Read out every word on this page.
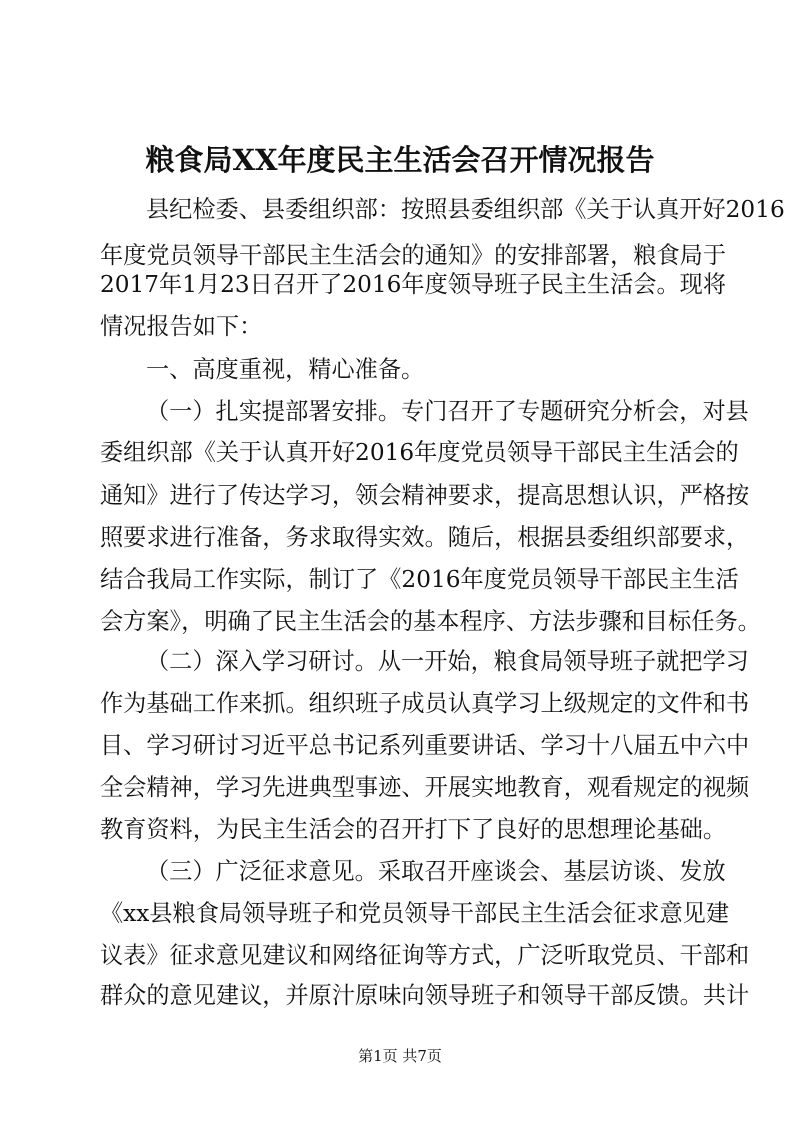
粮食局XX年度民主生活会召开情况报告

县纪检委、县委组织部：按照县委组织部《关于认真开好2016

年度党员领导干部民主生活会的通知》的安排部署，粮食局于

2017年1月23日召开了2016年度领导班子民主生活会。现将

情况报告如下：

一、高度重视，精心准备。

（一）扎实提部署安排。专门召开了专题研究分析会，对县

委组织部《关于认真开好2016年度党员领导干部民主生活会的

通知》进行了传达学习，领会精神要求，提高思想认识，严格按

照要求进行准备，务求取得实效。随后，根据县委组织部要求，

结合我局工作实际，制订了《2016年度党员领导干部民主生活

会方案》，明确了民主生活会的基本程序、方法步骤和目标任务。

（二）深入学习研讨。从一开始，粮食局领导班子就把学习

作为基础工作来抓。组织班子成员认真学习上级规定的文件和书

目、学习研讨习近平总书记系列重要讲话、学习十八届五中六中

全会精神，学习先进典型事迹、开展实地教育，观看规定的视频

教育资料，为民主生活会的召开打下了良好的思想理论基础。

（三）广泛征求意见。采取召开座谈会、基层访谈、发放

《xx县粮食局领导班子和党员领导干部民主生活会征求意见建

议表》征求意见建议和网络征询等方式，广泛听取党员、干部和

群众的意见建议，并原汁原味向领导班子和领导干部反馈。共计

第1页 共7页
